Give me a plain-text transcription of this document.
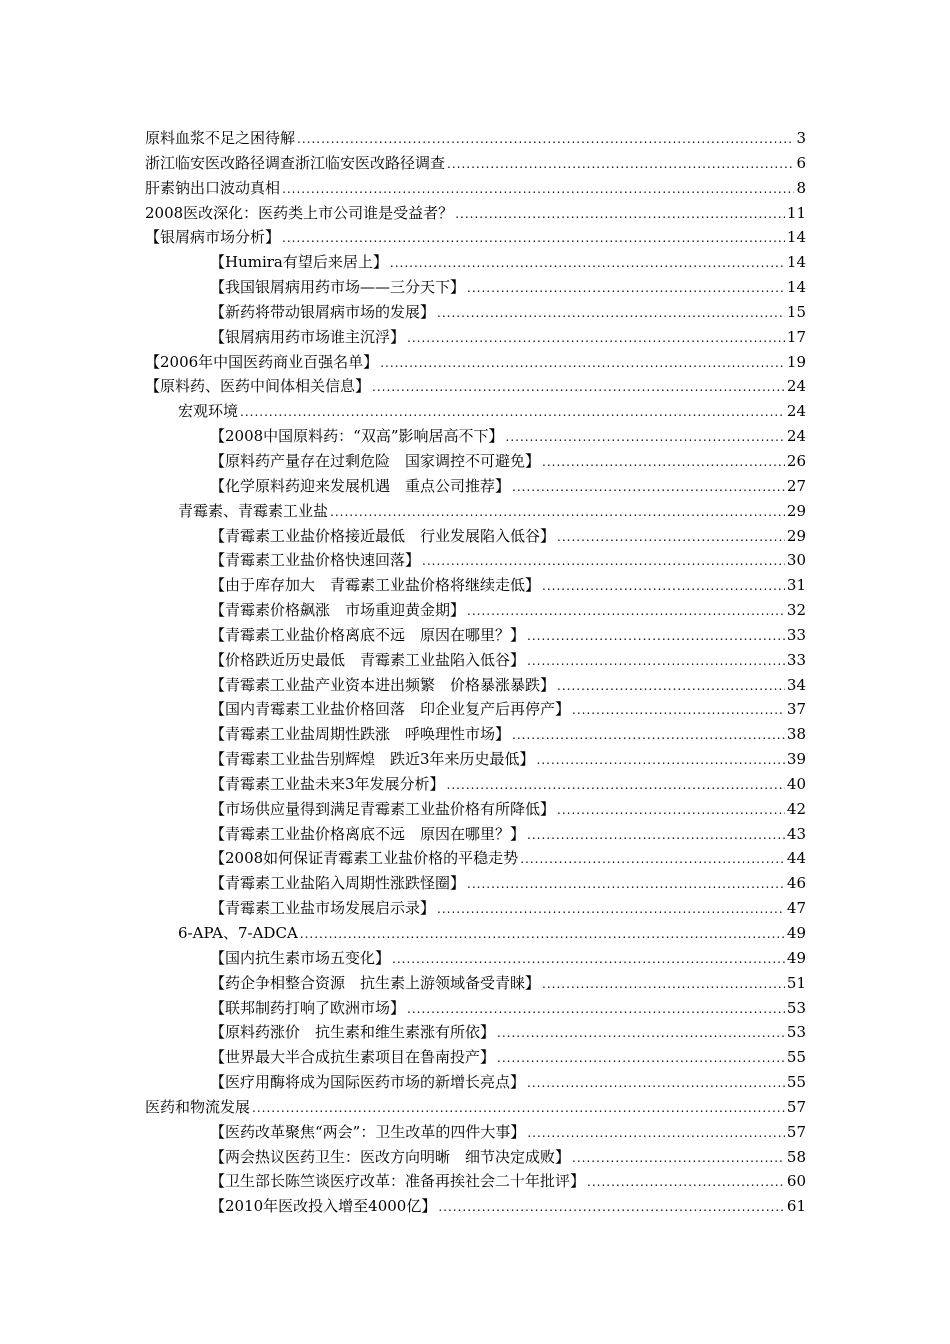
原料血浆不足之困待解 .....	3
浙江临安医改路径调查浙江临安医改路径调查 .....	6
肝素钠出口波动真相 .....	8
2008医改深化：医药类上市公司谁是受益者？ .....	11
【银屑病市场分析】 .....	14
【Humira有望后来居上】 .....	14
【我国银屑病用药市场——三分天下】 .....	14
【新药将带动银屑病市场的发展】 .....	15
【银屑病用药市场谁主沉浮】 .....	17
【2006年中国医药商业百强名单】 .....	19
【原料药、医药中间体相关信息】 .....	24
宏观环境 .....	24
【2008中国原料药：“双高”影响居高不下】 .....	24
【原料药产量存在过剩危险　国家调控不可避免】 .....	26
【化学原料药迎来发展机遇　重点公司推荐】 .....	27
青霉素、青霉素工业盐 .....	29
【青霉素工业盐价格接近最低　行业发展陷入低谷】 .....	29
【青霉素工业盐价格快速回落】 .....	30
【由于库存加大　青霉素工业盐价格将继续走低】 .....	31
【青霉素价格飙涨　市场重迎黄金期】 .....	32
【青霉素工业盐价格离底不远　原因在哪里？】 .....	33
【价格跌近历史最低　青霉素工业盐陷入低谷】 .....	33
【青霉素工业盐产业资本进出频繁　价格暴涨暴跌】 .....	34
【国内青霉素工业盐价格回落　印企业复产后再停产】 .....	37
【青霉素工业盐周期性跌涨　呼唤理性市场】 .....	38
【青霉素工业盐告别辉煌　跌近3年来历史最低】 .....	39
【青霉素工业盐未来3年发展分析】 .....	40
【市场供应量得到满足青霉素工业盐价格有所降低】 .....	42
【青霉素工业盐价格离底不远　原因在哪里？】 .....	43
【2008如何保证青霉素工业盐价格的平稳走势 .....	44
【青霉素工业盐陷入周期性涨跌怪圈】 .....	46
【青霉素工业盐市场发展启示录】 .....	47
6-APA、7-ADCA .....	49
【国内抗生素市场五变化】 .....	49
【药企争相整合资源　抗生素上游领域备受青睐】 .....	51
【联邦制药打响了欧洲市场】 .....	53
【原料药涨价　抗生素和维生素涨有所依】 .....	53
【世界最大半合成抗生素项目在鲁南投产】 .....	55
【医疗用酶将成为国际医药市场的新增长亮点】 .....	55
医药和物流发展 .....	57
【医药改革聚焦“两会”：卫生改革的四件大事】 .....	57
【两会热议医药卫生：医改方向明晰　细节决定成败】 .....	58
【卫生部长陈竺谈医疗改革：准备再挨社会二十年批评】 .....	60
【2010年医改投入增至4000亿】 .....	61
